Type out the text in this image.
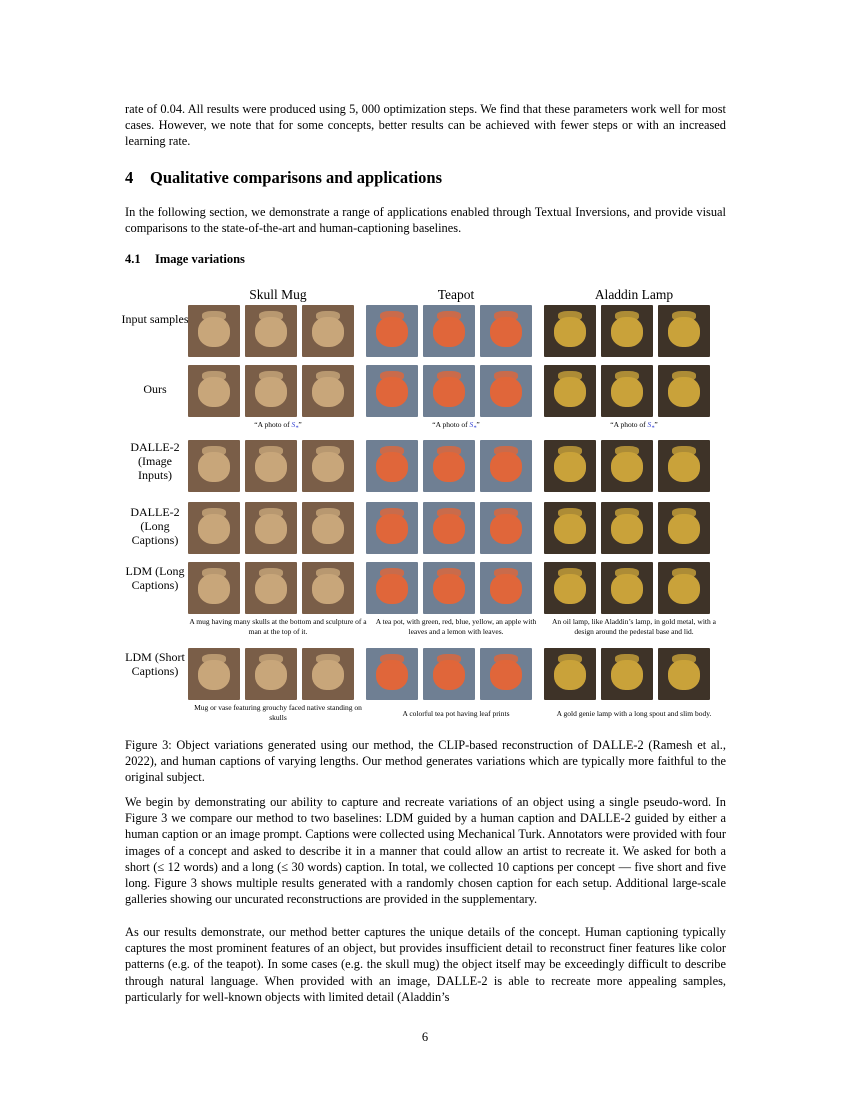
rate of 0.04. All results were produced using 5, 000 optimization steps. We find that these parameters work well for most cases. However, we note that for some concepts, better results can be achieved with fewer steps or with an increased learning rate.

4 Qualitative comparisons and applications

In the following section, we demonstrate a range of applications enabled through Textual Inversions, and provide visual comparisons to the state-of-the-art and human-captioning baselines.

4.1 Image variations
Skull Mug	Teapot	Aladdin Lamp
Input samples
Ours
DALLE-2 (Image Inputs)
DALLE-2 (Long Captions)
LDM (Long Captions)
LDM (Short Captions)
“A photo of $S_*$”	“A photo of $S_*$”	“A photo of $S_*$”
A mug having many skulls at the bottom and sculpture of a man at the top of it.
A tea pot, with green, red, blue, yellow, an apple with leaves and a lemon with leaves.
An oil lamp, like Aladdin’s lamp, in gold metal, with a design around the pedestal base and lid.
Mug or vase featuring grouchy faced native standing on skulls	A colorful tea pot having leaf prints	A gold genie lamp with a long spout and slim body.

Figure 3: Object variations generated using our method, the CLIP-based reconstruction of DALLE-2 (Ramesh et al., 2022), and human captions of varying lengths. Our method generates variations which are typically more faithful to the original subject.

We begin by demonstrating our ability to capture and recreate variations of an object using a single pseudo-word. In Figure 3 we compare our method to two baselines: LDM guided by a human caption and DALLE-2 guided by either a human caption or an image prompt. Captions were collected using Mechanical Turk. Annotators were provided with four images of a concept and asked to describe it in a manner that could allow an artist to recreate it. We asked for both a short (≤ 12 words) and a long (≤ 30 words) caption. In total, we collected 10 captions per concept — five short and five long. Figure 3 shows multiple results generated with a randomly chosen caption for each setup. Additional large-scale galleries showing our uncurated reconstructions are provided in the supplementary.

As our results demonstrate, our method better captures the unique details of the concept. Human captioning typically captures the most prominent features of an object, but provides insufficient detail to reconstruct finer features like color patterns (e.g. of the teapot). In some cases (e.g. the skull mug) the object itself may be exceedingly difficult to describe through natural language. When provided with an image, DALLE-2 is able to recreate more appealing samples, particularly for well-known objects with limited detail (Aladdin’s

6
